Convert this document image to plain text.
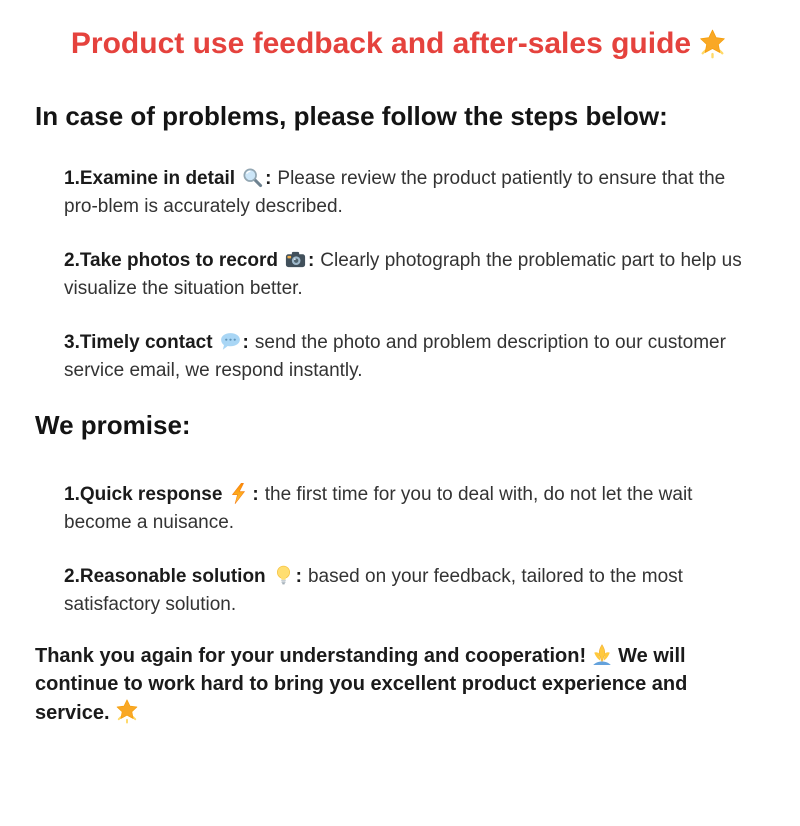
Product use feedback and after-sales guide
In case of problems, please follow the steps below:

1.Examine in detail : Please review the product patiently to ensure that the pro-blem is accurately described.

2.Take photos to record : Clearly photograph the problematic part to help us visualize the situation better.

3.Timely contact : send the photo and problem description to our customer service email, we respond instantly.

We promise:

1.Quick response : the first time for you to deal with, do not let the wait become a nuisance.

2.Reasonable solution : based on your feedback, tailored to the most satisfactory solution.

Thank you again for your understanding and cooperation! We will continue to work hard to bring you excellent product experience and service.
